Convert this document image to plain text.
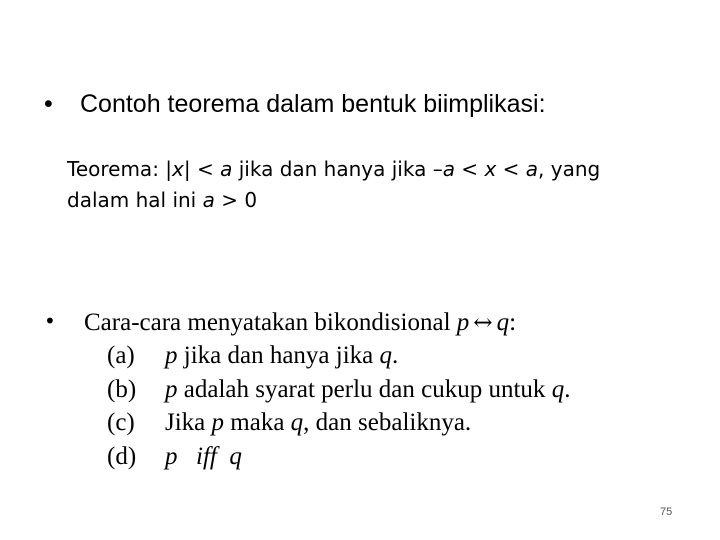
• Contoh teorema dalam bentuk biimplikasi:
Teorema: |x| < a jika dan hanya jika –a < x < a, yang
dalam hal ini a > 0
• Cara-cara menyatakan bikondisional p ↔ q:
(a) p jika dan hanya jika q.
(b) p adalah syarat perlu dan cukup untuk q.
(c) Jika p maka q, dan sebaliknya.
(d) p  iff  q
75
